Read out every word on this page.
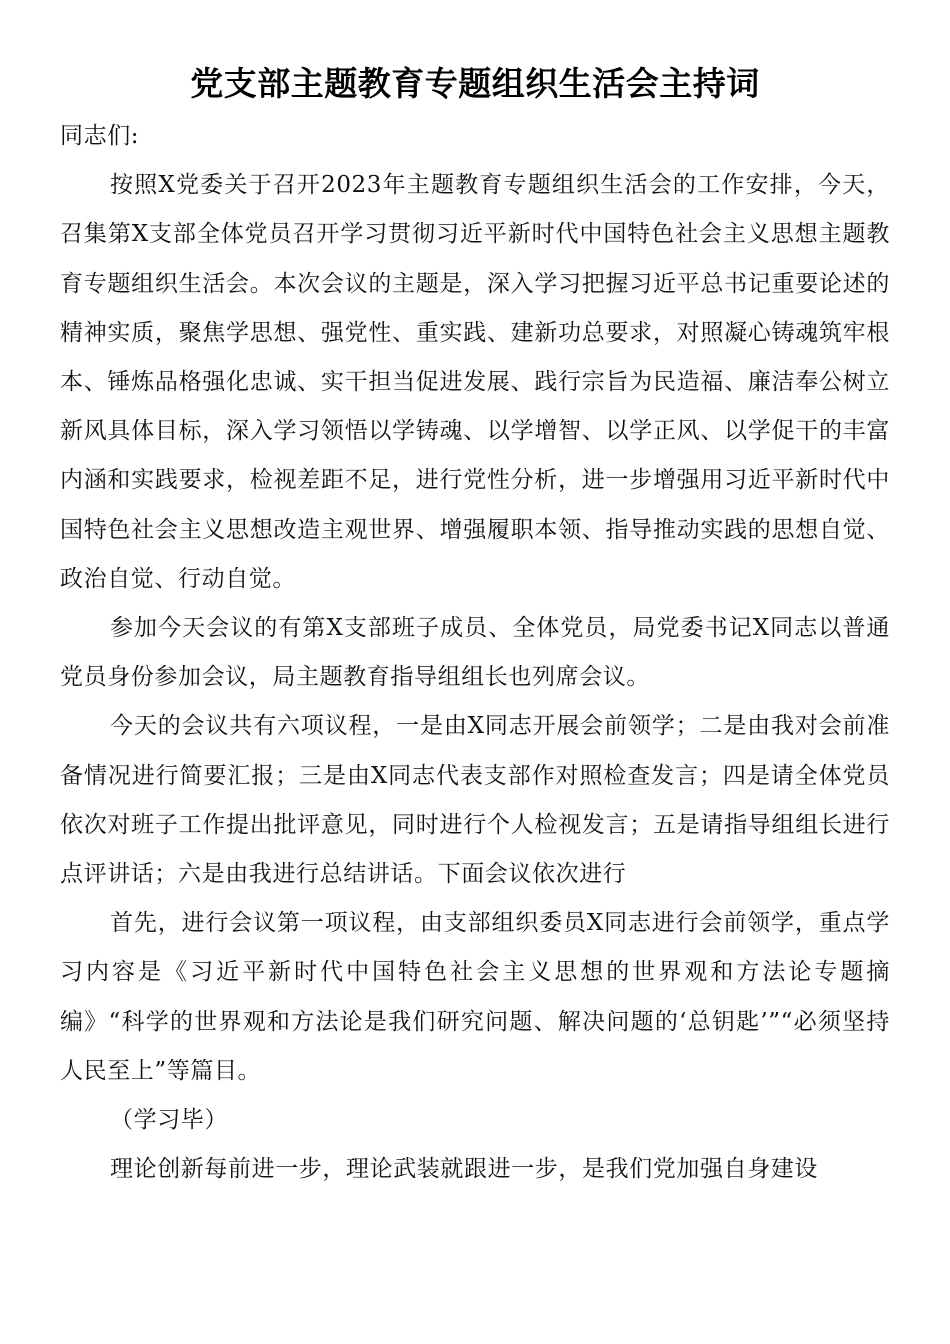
党支部主题教育专题组织生活会主持词

同志们:

按照X党委关于召开2023年主题教育专题组织生活会的工作安排，今天，召集第X支部全体党员召开学习贯彻习近平新时代中国特色社会主义思想主题教育专题组织生活会。本次会议的主题是，深入学习把握习近平总书记重要论述的精神实质，聚焦学思想、强党性、重实践、建新功总要求，对照凝心铸魂筑牢根本、锤炼品格强化忠诚、实干担当促进发展、践行宗旨为民造福、廉洁奉公树立新风具体目标，深入学习领悟以学铸魂、以学增智、以学正风、以学促干的丰富内涵和实践要求，检视差距不足，进行党性分析，进一步增强用习近平新时代中国特色社会主义思想改造主观世界、增强履职本领、指导推动实践的思想自觉、政治自觉、行动自觉。

参加今天会议的有第X支部班子成员、全体党员，局党委书记X同志以普通党员身份参加会议，局主题教育指导组组长也列席会议。

今天的会议共有六项议程，一是由X同志开展会前领学；二是由我对会前准备情况进行简要汇报；三是由X同志代表支部作对照检查发言；四是请全体党员依次对班子工作提出批评意见，同时进行个人检视发言；五是请指导组组长进行点评讲话；六是由我进行总结讲话。下面会议依次进行

首先，进行会议第一项议程，由支部组织委员X同志进行会前领学，重点学习内容是《习近平新时代中国特色社会主义思想的世界观和方法论专题摘编》“科学的世界观和方法论是我们研究问题、解决问题的‘总钥匙’”“必须坚持人民至上”等篇目。

（学习毕）

理论创新每前进一步，理论武装就跟进一步，是我们党加强自身建设
